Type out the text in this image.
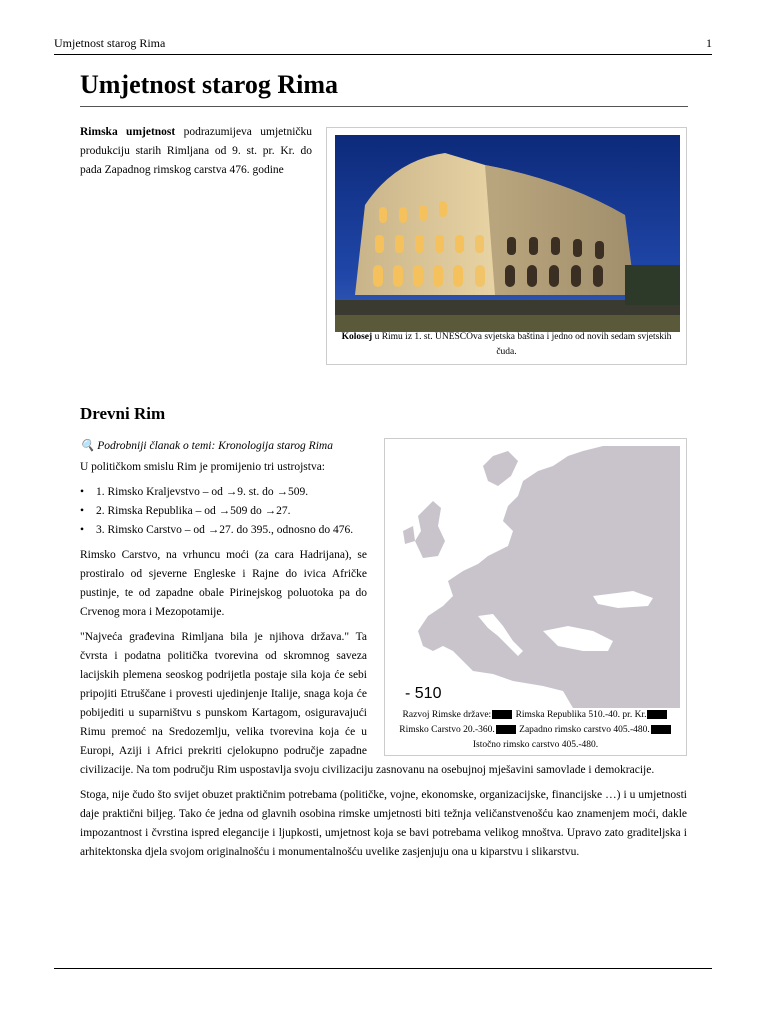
Umjetnost starog Rima	1
Umjetnost starog Rima

Rimska umjetnost podrazumijeva umjetničku produkciju starih Rimljana od 9. st. pr. Kr. do pada Zapadnog rimskog carstva 476. godine

Kolosej u Rimu iz 1. st. UNESCOva svjetska baština i jedno od novih sedam svjetskih čuda.
Drevni Rim
🔍 Podrobniji članak o temi: Kronologija starog Rima

U političkom smislu Rim je promijenio tri ustrojstva:

• 1. Rimsko Kraljevstvo – od →9. st. do →509.
• 2. Rimska Republika – od →509 do →27.
• 3. Rimsko Carstvo – od →27. do 395., odnosno do 476.

Rimsko Carstvo, na vrhuncu moći (za cara Hadrijana), se prostiralo od sjeverne Engleske i Rajne do ivica Afričke pustinje, te od zapadne obale Pirinejskog poluotoka pa do Crvenog mora i Mezopotamije.

"Najveća građevina Rimljana bila je njihova država." Ta čvrsta i podatna politička tvorevina od skromnog saveza lacijskih plemena seoskog podrijetla postaje sila koja će sebi pripojiti Etruščane i provesti ujedinjenje Italije, snaga koja će pobijediti u suparništvu s punskom Kartagom, osiguravajući Rimu premoć na Sredozemlju, velika tvorevina koja će u Europi, Aziji i Africi prekriti cjelokupno područje zapadne civilizacije. Na tom području Rim uspostavlja svoju civilizaciju zasnovanu na osebujnoj mješavini samovlade i demokracije.

Stoga, nije čudo što svijet obuzet praktičnim potrebama (političke, vojne, ekonomske, organizacijske, financijske …) i u umjetnosti daje praktični biljeg. Tako će jedna od glavnih osobina rimske umjetnosti biti težnja veličanstvenošću kao znamenjem moći, dakle impozantnost i čvrstina ispred elegancije i ljupkosti, umjetnost koja se bavi potrebama velikog mnoštva. Upravo zato graditeljska i arhitektonska djela svojom originalnošću i monumentalnošću uvelike zasjenjuju ona u kiparstvu i slikarstvu.

- 510
Razvoj Rimske države: Rimska Republika 510.-40. pr. Kr. Rimsko Carstvo 20.-360. Zapadno rimsko carstvo 405.-480. Istočno rimsko carstvo 405.-480.
